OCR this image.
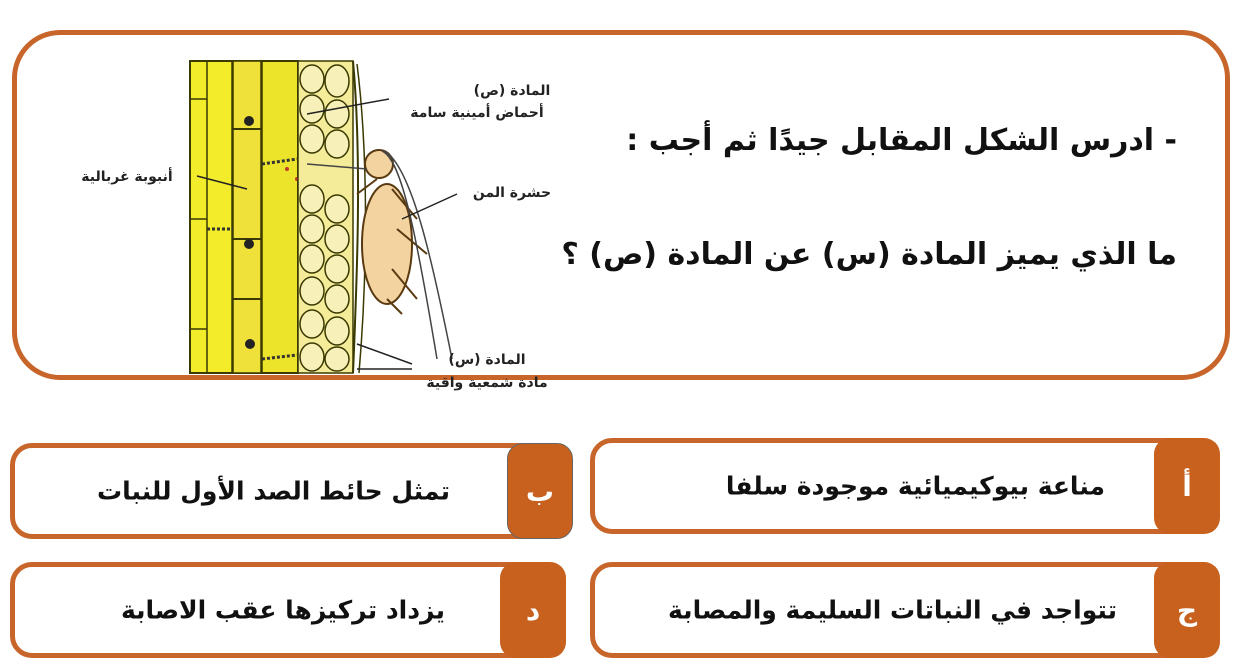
- ادرس الشكل المقابل جيدًا ثم أجب :
ما الذي يميز المادة (س) عن المادة (ص) ؟
المادة (ص)
أحماض أمينية سامة
أنبوبة غربالية
حشرة المن
المادة (س)
مادة شمعية واقية
أ
مناعة بيوكيميائية موجودة سلفا
ب
تمثل حائط الصد الأول للنبات
ج
تتواجد في النباتات السليمة والمصابة
د
يزداد تركيزها عقب الاصابة
